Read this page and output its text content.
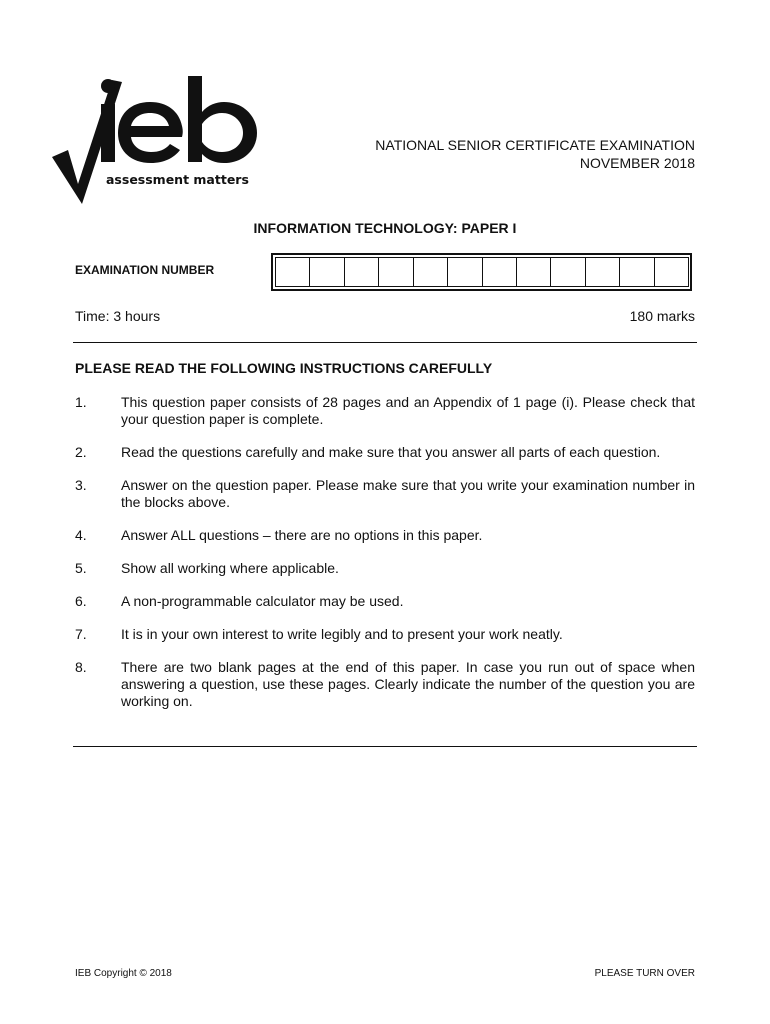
assessment matters
NATIONAL SENIOR CERTIFICATE EXAMINATION
NOVEMBER 2018
INFORMATION TECHNOLOGY: PAPER I
EXAMINATION NUMBER
Time: 3 hours	180 marks
PLEASE READ THE FOLLOWING INSTRUCTIONS CAREFULLY
1.	This question paper consists of 28 pages and an Appendix of 1 page (i). Please check that your question paper is complete.
2.	Read the questions carefully and make sure that you answer all parts of each question.
3.	Answer on the question paper. Please make sure that you write your examination number in the blocks above.
4.	Answer ALL questions – there are no options in this paper.
5.	Show all working where applicable.
6.	A non-programmable calculator may be used.
7.	It is in your own interest to write legibly and to present your work neatly.
8.	There are two blank pages at the end of this paper. In case you run out of space when answering a question, use these pages. Clearly indicate the number of the question you are working on.
IEB Copyright © 2018	PLEASE TURN OVER
